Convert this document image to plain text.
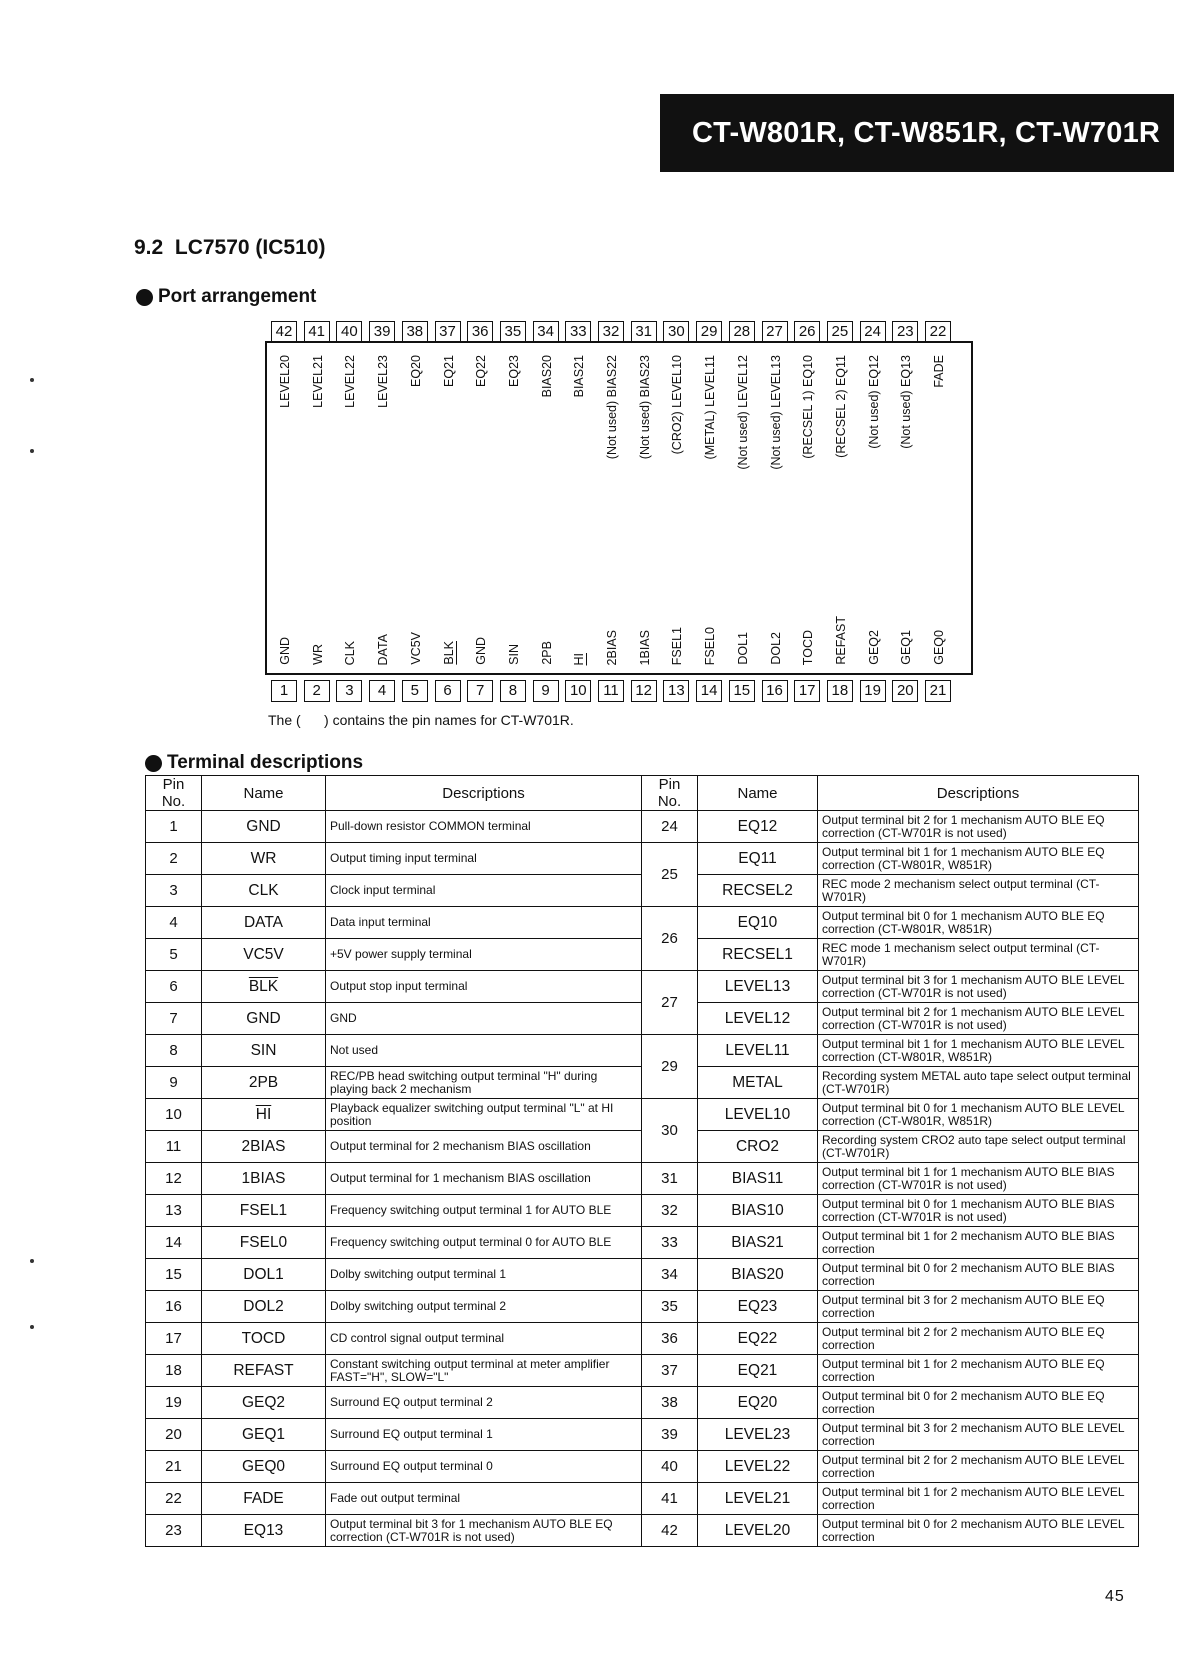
CT-W801R, CT-W851R, CT-W701R
9.2 LC7570 (IC510)
Port arrangement
42	41	40	39	38	37	36	35	34	33	32	31	30	29	28	27	26	25	24	23	22
LEVEL20 LEVEL21 LEVEL22 LEVEL23 EQ20 EQ21 EQ22 EQ23 BIAS20 BIAS21 (Not used) BIAS22 (Not used) BIAS23 (CRO2) LEVEL10 (METAL) LEVEL11 (Not used) LEVEL12 (Not used) LEVEL13 (RECSEL 1) EQ10 (RECSEL 2) EQ11 (Not used) EQ12 (Not used) EQ13 FADE
GND WR CLK DATA VC5V BLK GND SIN 2PB HI 2BIAS 1BIAS FSEL1 FSEL0 DOL1 DOL2 TOCD REFAST GEQ2 GEQ1 GEQ0
1	2	3	4	5	6	7	8	9	10	11	12	13	14	15	16	17	18	19	20	21
The (      ) contains the pin names for CT-W701R.
Terminal descriptions
Pin No.	Name	Descriptions	Pin No.	Name	Descriptions
1	GND	Pull-down resistor COMMON terminal	24	EQ12	Output terminal bit 2 for 1 mechanism AUTO BLE EQ correction (CT-W701R is not used)
2	WR	Output timing input terminal	25	EQ11	Output terminal bit 1 for 1 mechanism AUTO BLE EQ correction (CT-W801R, W851R)
3	CLK	Clock input terminal		RECSEL2	REC mode 2 mechanism select output terminal (CT-W701R)
4	DATA	Data input terminal	26	EQ10	Output terminal bit 0 for 1 mechanism AUTO BLE EQ correction (CT-W801R, W851R)
5	VC5V	+5V power supply terminal		RECSEL1	REC mode 1 mechanism select output terminal (CT-W701R)
6	$\overline{BLK}$	Output stop input terminal	27	LEVEL13	Output terminal bit 3 for 1 mechanism AUTO BLE LEVEL correction (CT-W701R is not used)
7	GND	GND		LEVEL12	Output terminal bit 2 for 1 mechanism AUTO BLE LEVEL correction (CT-W701R is not used)
8	SIN	Not used	29	LEVEL11	Output terminal bit 1 for 1 mechanism AUTO BLE LEVEL correction (CT-W801R, W851R)
9	2PB	REC/PB head switching output terminal "H" during playing back 2 mechanism		METAL	Recording system METAL auto tape select output terminal (CT-W701R)
10	$\overline{HI}$	Playback equalizer switching output terminal "L" at HI position	30	LEVEL10	Output terminal bit 0 for 1 mechanism AUTO BLE LEVEL correction (CT-W801R, W851R)
11	2BIAS	Output terminal for 2 mechanism BIAS oscillation		CRO2	Recording system CRO2 auto tape select output terminal (CT-W701R)
12	1BIAS	Output terminal for 1 mechanism BIAS oscillation	31	BIAS11	Output terminal bit 1 for 1 mechanism AUTO BLE BIAS correction (CT-W701R is not used)
13	FSEL1	Frequency switching output terminal 1 for AUTO BLE	32	BIAS10	Output terminal bit 0 for 1 mechanism AUTO BLE BIAS correction (CT-W701R is not used)
14	FSEL0	Frequency switching output terminal 0 for AUTO BLE	33	BIAS21	Output terminal bit 1 for 2 mechanism AUTO BLE BIAS correction
15	DOL1	Dolby switching output terminal 1	34	BIAS20	Output terminal bit 0 for 2 mechanism AUTO BLE BIAS correction
16	DOL2	Dolby switching output terminal 2	35	EQ23	Output terminal bit 3 for 2 mechanism AUTO BLE EQ correction
17	TOCD	CD control signal output terminal	36	EQ22	Output terminal bit 2 for 2 mechanism AUTO BLE EQ correction
18	REFAST	Constant switching output terminal at meter amplifier FAST="H", SLOW="L"	37	EQ21	Output terminal bit 1 for 2 mechanism AUTO BLE EQ correction
19	GEQ2	Surround EQ output terminal 2	38	EQ20	Output terminal bit 0 for 2 mechanism AUTO BLE EQ correction
20	GEQ1	Surround EQ output terminal 1	39	LEVEL23	Output terminal bit 3 for 2 mechanism AUTO BLE LEVEL correction
21	GEQ0	Surround EQ output terminal 0	40	LEVEL22	Output terminal bit 2 for 2 mechanism AUTO BLE LEVEL correction
22	FADE	Fade out output terminal	41	LEVEL21	Output terminal bit 1 for 2 mechanism AUTO BLE LEVEL correction
23	EQ13	Output terminal bit 3 for 1 mechanism AUTO BLE EQ correction (CT-W701R is not used)	42	LEVEL20	Output terminal bit 0 for 2 mechanism AUTO BLE LEVEL correction
45
